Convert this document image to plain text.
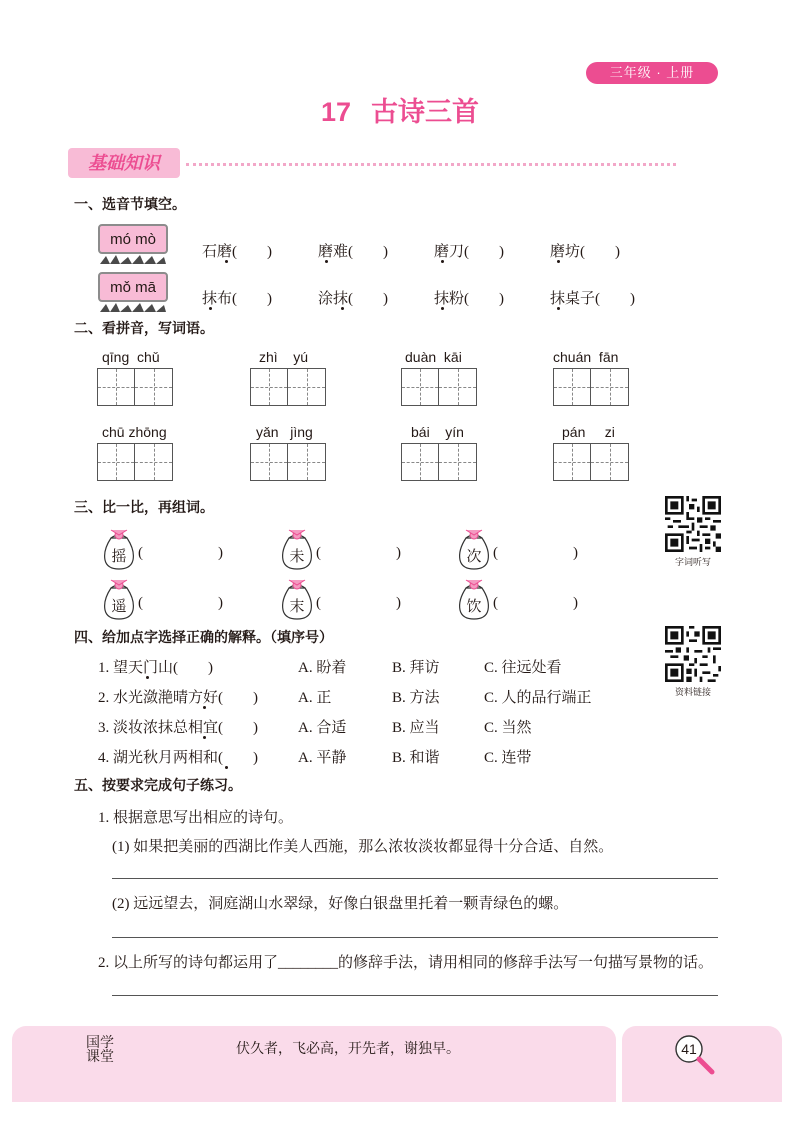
三年级 · 上册
17 古诗三首
基础知识
一、选音节填空。
mó mò
mǒ mā
石磨(        )	磨难(        )	磨刀(        )	磨坊(        )
抹布(        )	涂抹(        )	抹粉(        )	抹桌子(        )
二、看拼音，写词语。
qīng  chǔ	zhì    yú	duàn  kāi	chuán  fān
chū zhōng	yǎn   jìng	bái    yín	pán     zi
三、比一比，再组词。
字词听写
摇 (                    )	未 (                    )	次 (                    )
遥 (                    )	末 (                    )	饮 (                    )
四、给加点字选择正确的解释。（填序号）
资料链接
1. 望天门山(        )	A. 盼着	B. 拜访	C. 往远处看
2. 水光潋滟晴方好(        )	A. 正	B. 方法	C. 人的品行端正
3. 淡妆浓抹总相宜(        )	A. 合适	B. 应当	C. 当然
4. 湖光秋月两相和(        )	A. 平静	B. 和谐	C. 连带
五、按要求完成句子练习。
1. 根据意思写出相应的诗句。
(1) 如果把美丽的西湖比作美人西施，那么浓妆淡妆都显得十分合适、自然。
(2) 远远望去，洞庭湖山水翠绿，好像白银盘里托着一颗青绿色的螺。
2. 以上所写的诗句都运用了________的修辞手法，请用相同的修辞手法写一句描写景物的话。
国学课堂	伏久者，飞必高，开先者，谢独早。	41
